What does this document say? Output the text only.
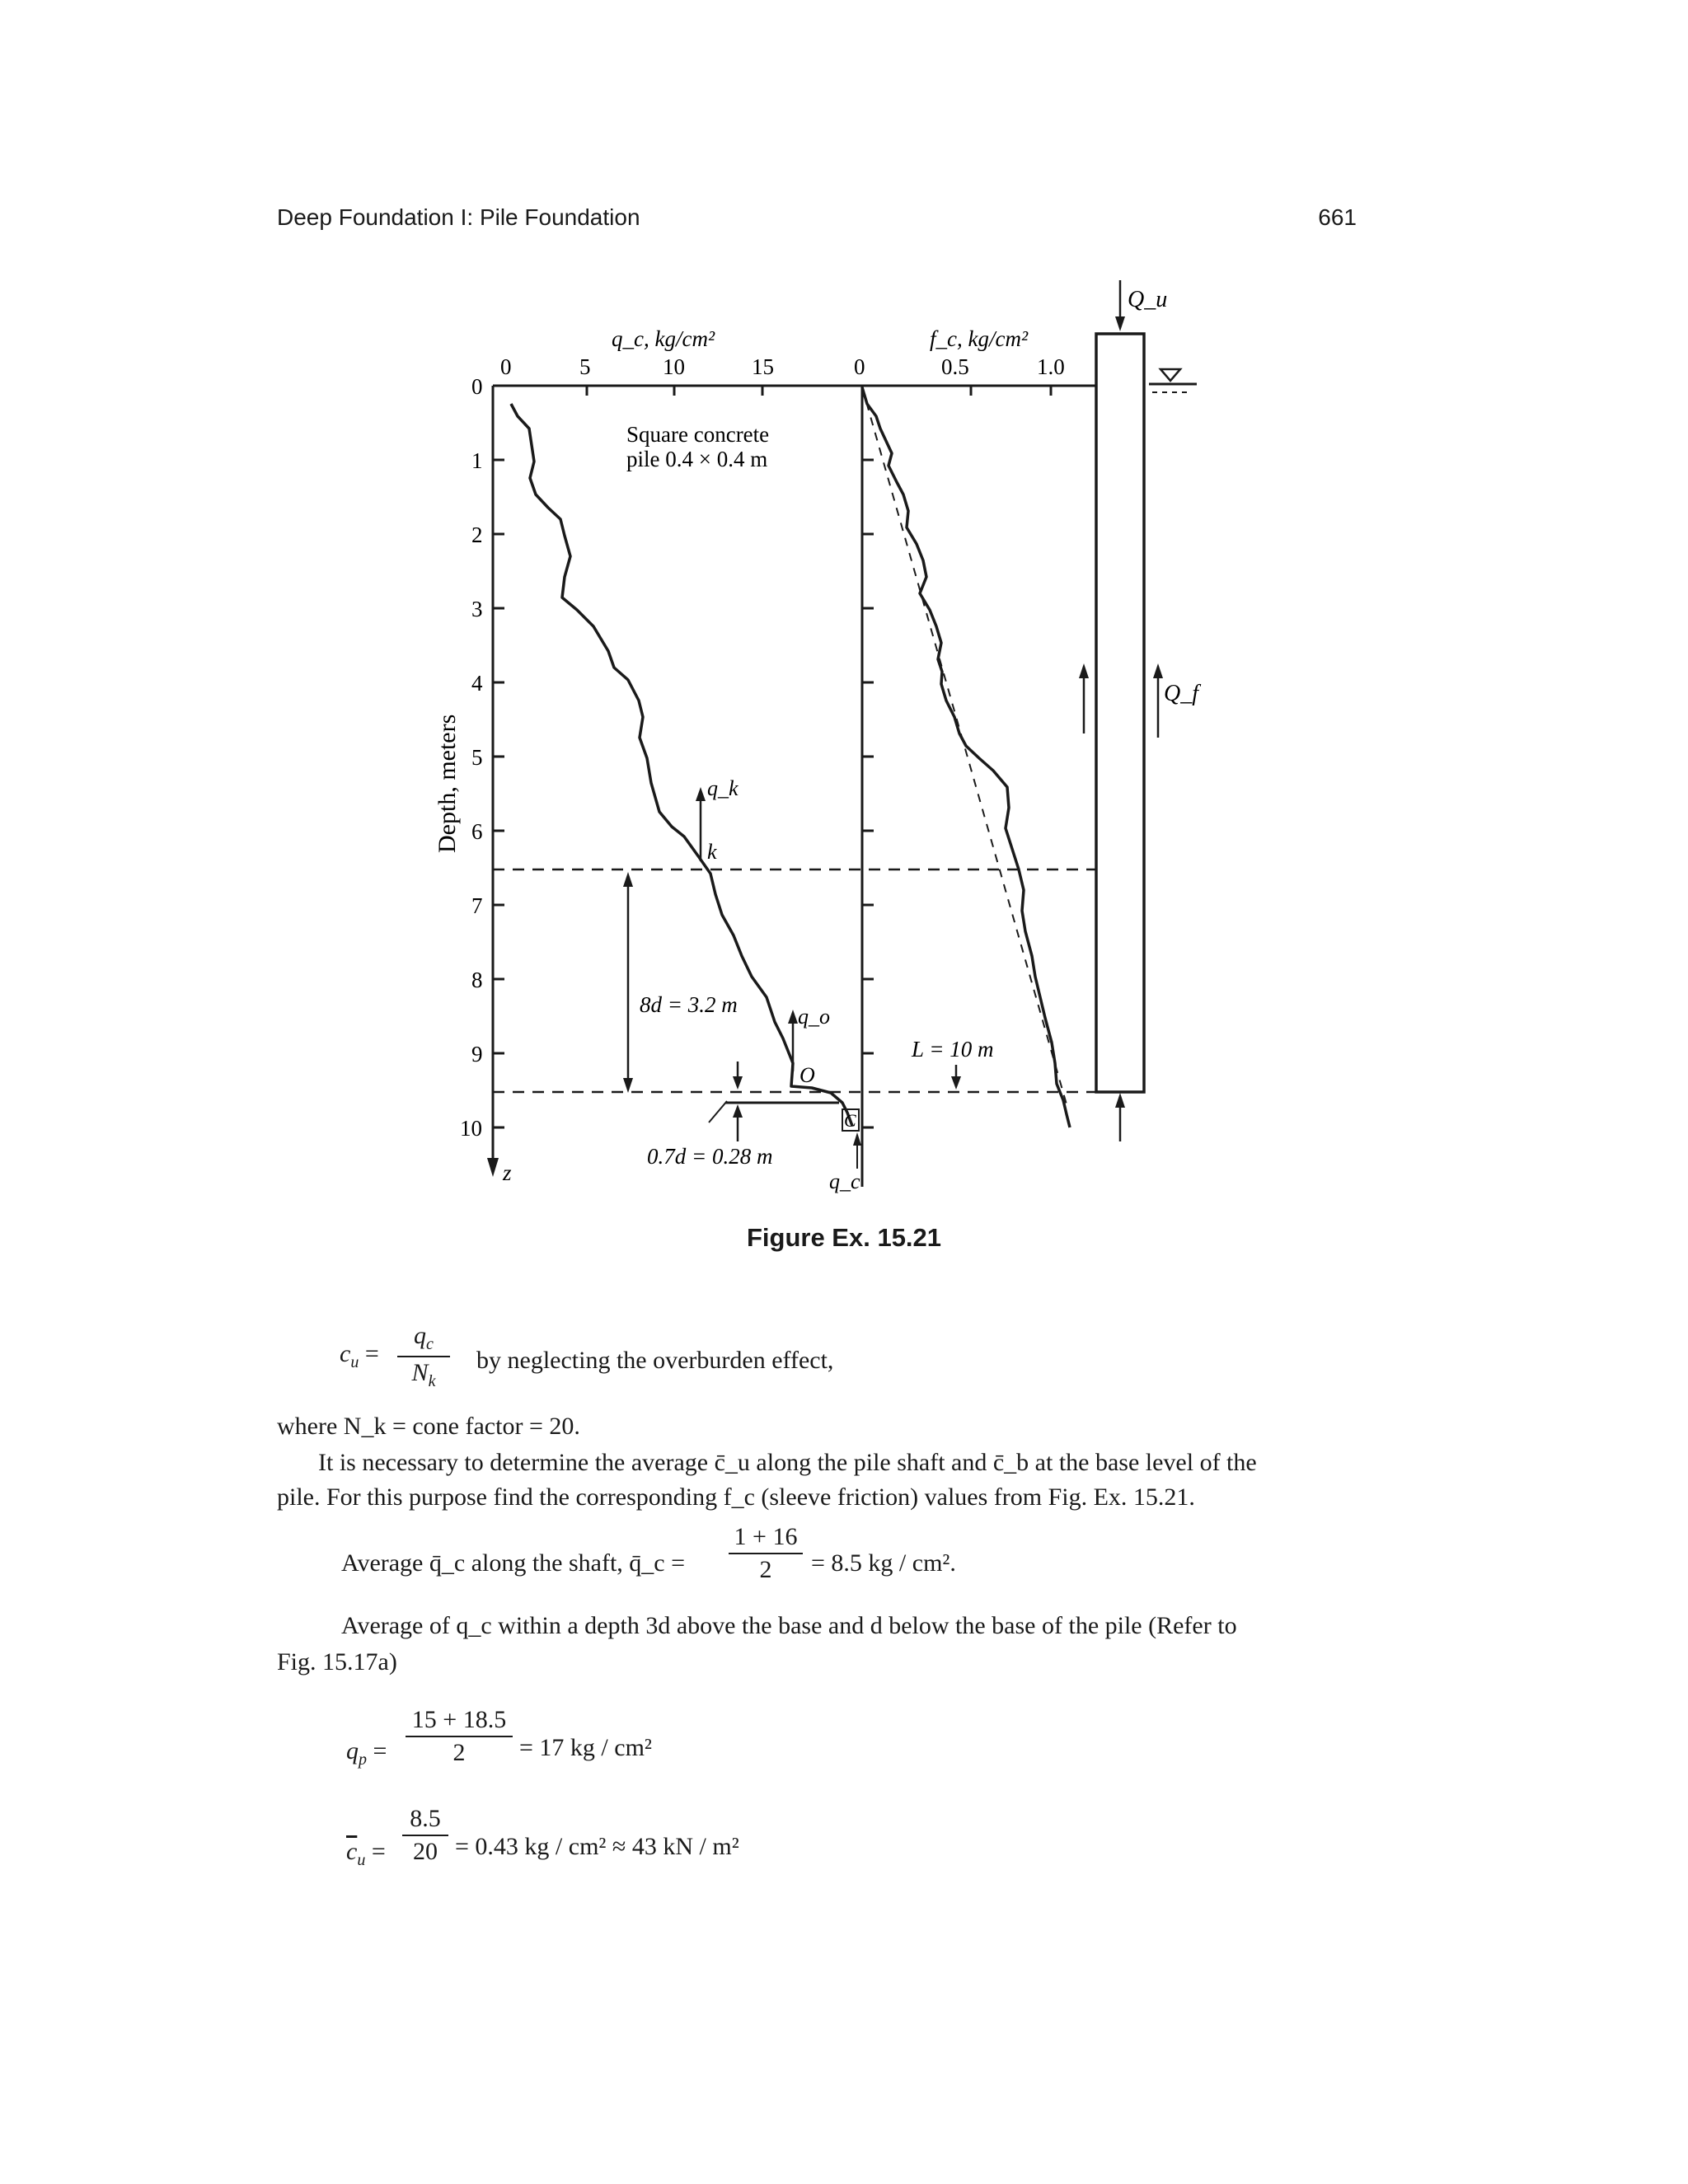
Deep Foundation I: Pile Foundation	661
q_c, kg/cm²	f_c, kg/cm²
0	5	10	15	0	0.5	1.0
0
1
2
3
4
5
6
7
8
9
10
Depth, meters
z
Square concrete
pile 0.4 × 0.4 m
q_k
k
8d = 3.2 m	q_o
O
0.7d = 0.28 m
C
q_c
L = 10 m
Q_u
Q_f
Figure Ex. 15.21
$c_u = \frac{q_c}{N_k}$ by neglecting the overburden effect,
where N_k = cone factor = 20.
It is necessary to determine the average c̄_u along the pile shaft and c̄_b at the base level of the
pile. For this purpose find the corresponding f_c (sleeve friction) values from Fig. Ex. 15.21.
Average q̄_c along the shaft, q̄_c = $\frac{1 + 16}{2} = 8.5$ kg / cm².
Average of q_c within a depth 3d above the base and d below the base of the pile (Refer to
Fig. 15.17a)
$q_p = \frac{15 + 18.5}{2} = 17$ kg / cm²
$\overline{c}_u = \frac{8.5}{20} = 0.43$ kg / cm² ≈ 43 kN / m²
